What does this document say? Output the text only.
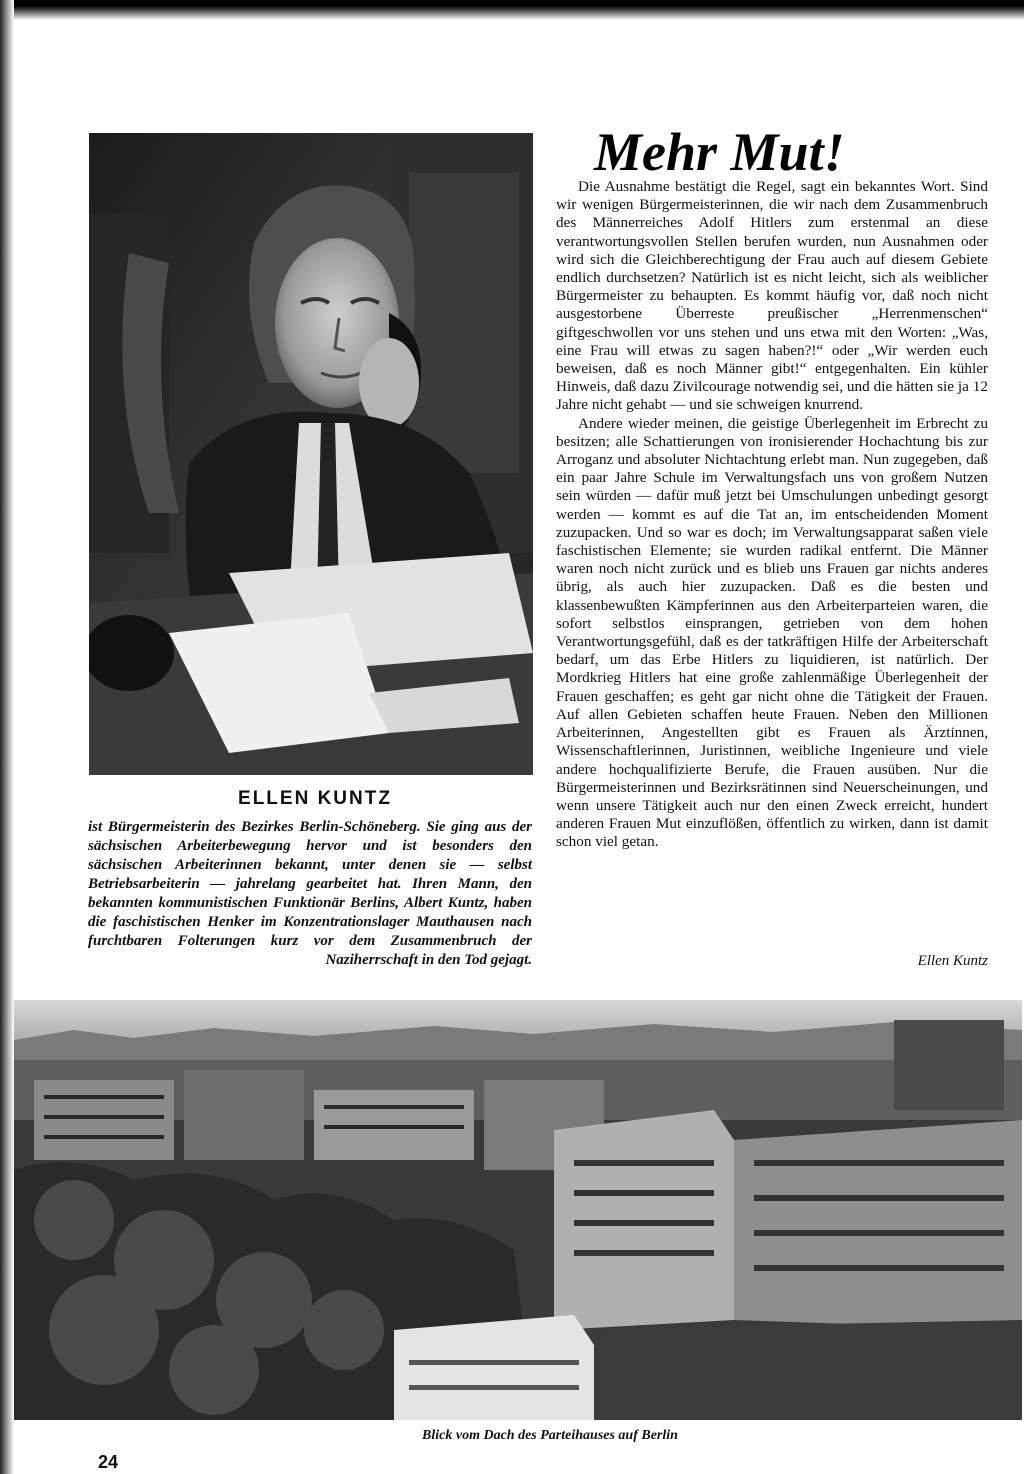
Mehr Mut!

Die Ausnahme bestätigt die Regel, sagt ein bekanntes Wort. Sind wir wenigen Bürgermeisterinnen, die wir nach dem Zusammenbruch des Männerreiches Adolf Hitlers zum erstenmal an diese verantwortungsvollen Stellen berufen wurden, nun Ausnahmen oder wird sich die Gleichberechtigung der Frau auch auf diesem Gebiete endlich durchsetzen? Natürlich ist es nicht leicht, sich als weiblicher Bürgermeister zu behaupten. Es kommt häufig vor, daß noch nicht ausgestorbene Überreste preußischer „Herrenmenschen“ giftgeschwollen vor uns stehen und uns etwa mit den Worten: „Was, eine Frau will etwas zu sagen haben?!“ oder „Wir werden euch beweisen, daß es noch Männer gibt!“ entgegenhalten. Ein kühler Hinweis, daß dazu Zivilcourage notwendig sei, und die hätten sie ja 12 Jahre nicht gehabt — und sie schweigen knurrend.

Andere wieder meinen, die geistige Überlegenheit im Erbrecht zu besitzen; alle Schattierungen von ironisierender Hochachtung bis zur Arroganz und absoluter Nichtachtung erlebt man. Nun zugegeben, daß ein paar Jahre Schule im Verwaltungsfach uns von großem Nutzen sein würden — dafür muß jetzt bei Umschulungen unbedingt gesorgt werden — kommt es auf die Tat an, im entscheidenden Moment zuzupacken. Und so war es doch; im Verwaltungsapparat saßen viele faschistischen Elemente; sie wurden radikal entfernt. Die Männer waren noch nicht zurück und es blieb uns Frauen gar nichts anderes übrig, als auch hier zuzupacken. Daß es die besten und klassenbewußten Kämpferinnen aus den Arbeiterparteien waren, die sofort selbstlos einsprangen, getrieben von dem hohen Verantwortungsgefühl, daß es der tatkräftigen Hilfe der Arbeiterschaft bedarf, um das Erbe Hitlers zu liquidieren, ist natürlich. Der Mordkrieg Hitlers hat eine große zahlenmäßige Überlegenheit der Frauen geschaffen; es geht gar nicht ohne die Tätigkeit der Frauen. Auf allen Gebieten schaffen heute Frauen. Neben den Millionen Arbeiterinnen, Angestellten gibt es Frauen als Ärztinnen, Wissenschaftlerinnen, Juristinnen, weibliche Ingenieure und viele andere hochqualifizierte Berufe, die Frauen ausüben. Nur die Bürgermeisterinnen und Bezirksrätinnen sind Neuerscheinungen, und wenn unsere Tätigkeit auch nur den einen Zweck erreicht, hundert anderen Frauen Mut einzuflößen, öffentlich zu wirken, dann ist damit schon viel getan.

Ellen Kuntz
ELLEN KUNTZ
ist Bürgermeisterin des Bezirkes Berlin-Schöneberg. Sie ging aus der sächsischen Arbeiterbewegung hervor und ist besonders den sächsischen Arbeiterinnen bekannt, unter denen sie — selbst Betriebsarbeiterin — jahrelang gearbeitet hat. Ihren Mann, den bekannten kommunistischen Funktionär Berlins, Albert Kuntz, haben die faschistischen Henker im Konzentrationslager Mauthausen nach furchtbaren Folterungen kurz vor dem Zusammenbruch der Naziherrschaft in den Tod gejagt.
Blick vom Dach des Parteihauses auf Berlin
24
